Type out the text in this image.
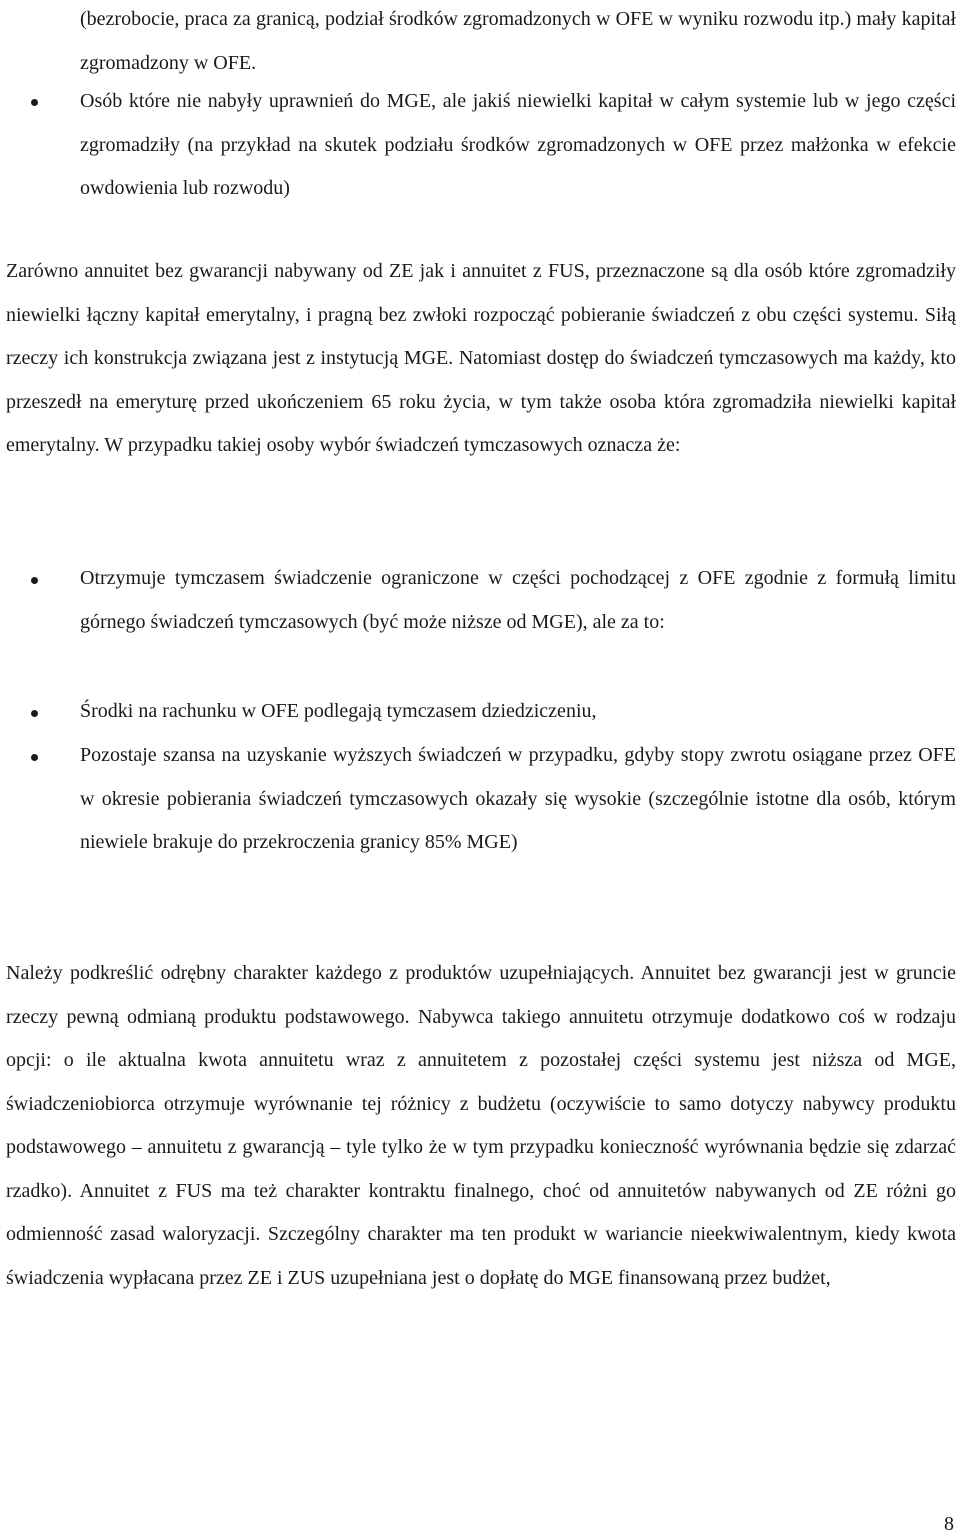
(bezrobocie, praca za granicą, podział środków zgromadzonych w OFE w wyniku rozwodu itp.) mały kapitał zgromadzony w OFE.

Osób które nie nabyły uprawnień do MGE, ale jakiś niewielki kapitał w całym systemie lub w jego części zgromadziły (na przykład na skutek podziału środków zgromadzonych w OFE przez małżonka w efekcie owdowienia lub rozwodu)

Zarówno annuitet bez gwarancji nabywany od ZE jak i annuitet z FUS, przeznaczone są dla osób które zgromadziły niewielki łączny kapitał emerytalny, i pragną bez zwłoki rozpocząć pobieranie świadczeń z obu części systemu. Siłą rzeczy ich konstrukcja związana jest z instytucją MGE. Natomiast dostęp do świadczeń tymczasowych ma każdy, kto przeszedł na emeryturę przed ukończeniem 65 roku życia, w tym także osoba która zgromadziła niewielki kapitał emerytalny. W przypadku takiej osoby wybór świadczeń tymczasowych oznacza że:

Otrzymuje tymczasem świadczenie ograniczone w części pochodzącej z OFE zgodnie z formułą limitu górnego świadczeń tymczasowych (być może niższe od MGE), ale za to:

Środki na rachunku w OFE podlegają tymczasem dziedziczeniu,

Pozostaje szansa na uzyskanie wyższych świadczeń w przypadku, gdyby stopy zwrotu osiągane przez OFE w okresie pobierania świadczeń tymczasowych okazały się wysokie (szczególnie istotne dla osób, którym niewiele brakuje do przekroczenia granicy 85% MGE)

Należy podkreślić odrębny charakter każdego z produktów uzupełniających. Annuitet bez gwarancji jest w gruncie rzeczy pewną odmianą produktu podstawowego. Nabywca takiego annuitetu otrzymuje dodatkowo coś w rodzaju opcji: o ile aktualna kwota annuitetu wraz z annuitetem z pozostałej części systemu jest niższa od MGE, świadczeniobiorca otrzymuje wyrównanie tej różnicy z budżetu (oczywiście to samo dotyczy nabywcy produktu podstawowego – annuitetu z gwarancją – tyle tylko że w tym przypadku konieczność wyrównania będzie się zdarzać rzadko). Annuitet z FUS ma też charakter kontraktu finalnego, choć od annuitetów nabywanych od ZE różni go odmienność zasad waloryzacji. Szczególny charakter ma ten produkt w wariancie nieekwiwalentnym, kiedy kwota świadczenia wypłacana przez ZE i ZUS uzupełniana jest o dopłatę do MGE finansowaną przez budżet,

8
